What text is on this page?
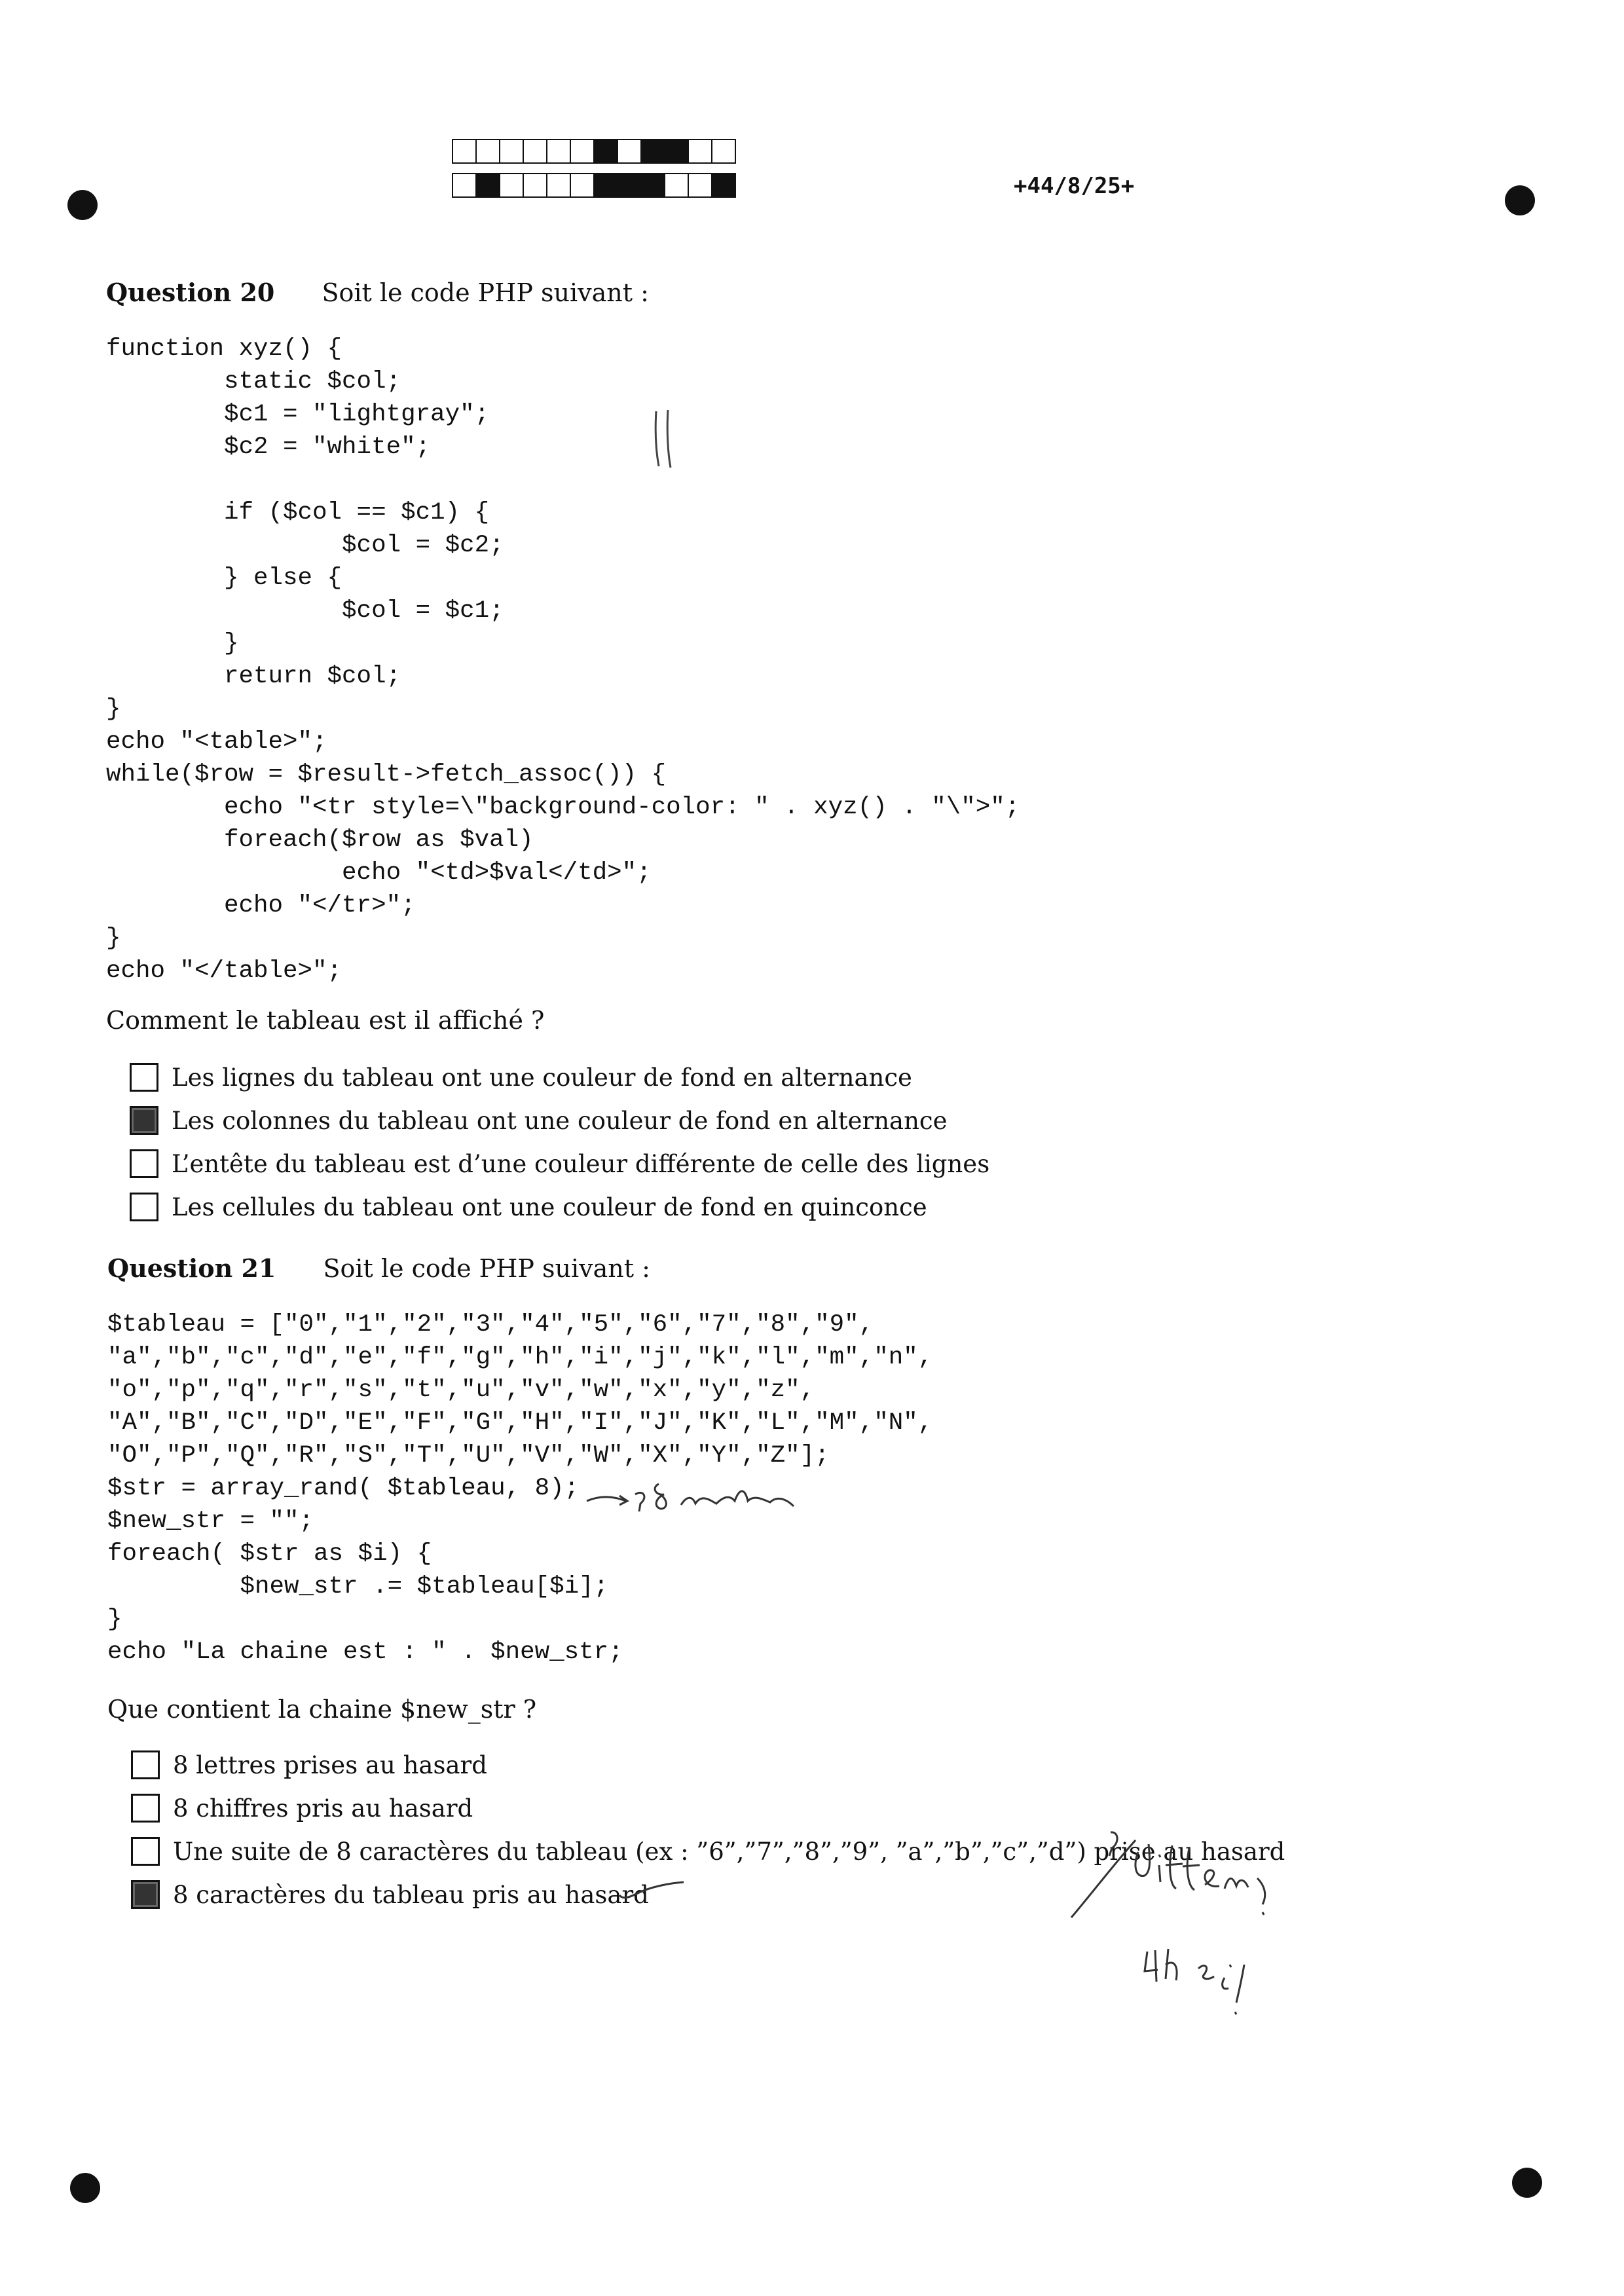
+44/8/25+
Question 20 Soit le code PHP suivant :
function xyz() {
static $col;
$c1 = "lightgray";
$c2 = "white";

if ($col == $c1) {
$col = $c2;
} else {
$col = $c1;
}
return $col;
}
echo "<table>";
while($row = $result->fetch_assoc()) {
echo "<tr style=\"background-color: " . xyz() . "\">";
foreach($row as $val)
echo "<td>$val</td>";
echo "</tr>";
}
echo "</table>";
Comment le tableau est il affiché ?
Les lignes du tableau ont une couleur de fond en alternance
Les colonnes du tableau ont une couleur de fond en alternance
L’entête du tableau est d’une couleur différente de celle des lignes
Les cellules du tableau ont une couleur de fond en quinconce
Question 21 Soit le code PHP suivant :
$tableau = ["0","1","2","3","4","5","6","7","8","9",
"a","b","c","d","e","f","g","h","i","j","k","l","m","n",
"o","p","q","r","s","t","u","v","w","x","y","z",
"A","B","C","D","E","F","G","H","I","J","K","L","M","N",
"O","P","Q","R","S","T","U","V","W","X","Y","Z"];
$str = array_rand( $tableau, 8);
$new_str = "";
foreach( $str as $i) {
$new_str .= $tableau[$i];
}
echo "La chaine est : " . $new_str;
Que contient la chaine $new_str ?
8 lettres prises au hasard
8 chiffres pris au hasard
Une suite de 8 caractères du tableau (ex : ”6”,”7”,”8”,”9”, ”a”,”b”,”c”,”d”) prise au hasard
8 caractères du tableau pris au hasard
